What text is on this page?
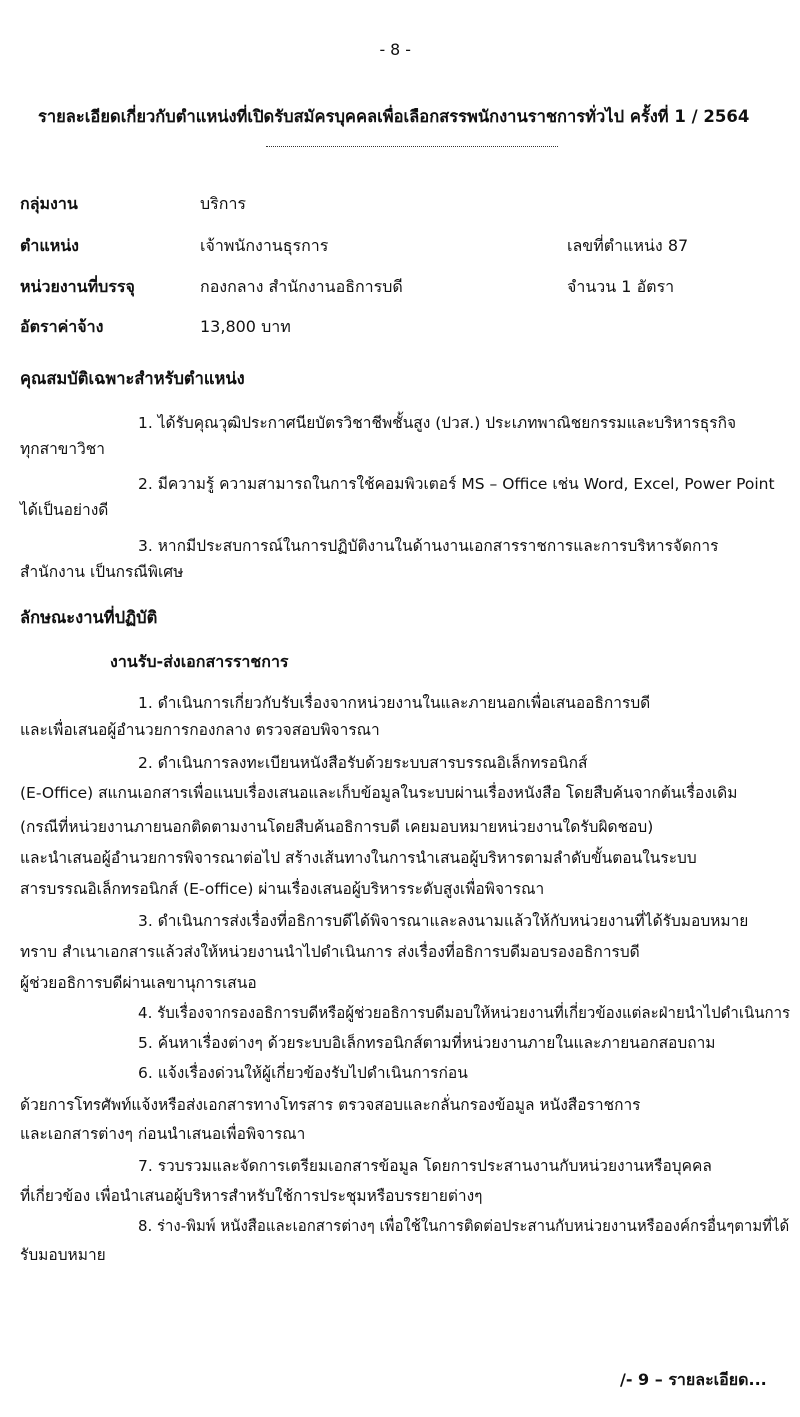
- 8 -
รายละเอียดเกี่ยวกับตำแหน่งที่เปิดรับสมัครบุคคลเพื่อเลือกสรรพนักงานราชการทั่วไป ครั้งที่ 1 / 2564
กลุ่มงาน	บริการ
ตำแหน่ง	เจ้าพนักงานธุรการ	เลขที่ตำแหน่ง 87
หน่วยงานที่บรรจุ	กองกลาง สำนักงานอธิการบดี	จำนวน 1 อัตรา
อัตราค่าจ้าง	13,800 บาท
คุณสมบัติเฉพาะสำหรับตำแหน่ง
1. ได้รับคุณวุฒิประกาศนียบัตรวิชาชีพชั้นสูง (ปวส.) ประเภทพาณิชยกรรมและบริหารธุรกิจ
ทุกสาขาวิชา
2. มีความรู้ ความสามารถในการใช้คอมพิวเตอร์ MS – Office เช่น Word, Excel, Power Point
ได้เป็นอย่างดี
3. หากมีประสบการณ์ในการปฏิบัติงานในด้านงานเอกสารราชการและการบริหารจัดการ
สำนักงาน เป็นกรณีพิเศษ
ลักษณะงานที่ปฏิบัติ
งานรับ-ส่งเอกสารราชการ
1. ดำเนินการเกี่ยวกับรับเรื่องจากหน่วยงานในและภายนอกเพื่อเสนออธิการบดี
และเพื่อเสนอผู้อำนวยการกองกลาง ตรวจสอบพิจารณา
2. ดำเนินการลงทะเบียนหนังสือรับด้วยระบบสารบรรณอิเล็กทรอนิกส์
(E-Office) สแกนเอกสารเพื่อแนบเรื่องเสนอและเก็บข้อมูลในระบบผ่านเรื่องหนังสือ โดยสืบค้นจากต้นเรื่องเดิม
(กรณีที่หน่วยงานภายนอกติดตามงานโดยสืบค้นอธิการบดี เคยมอบหมายหน่วยงานใดรับผิดชอบ)
และนำเสนอผู้อำนวยการพิจารณาต่อไป สร้างเส้นทางในการนำเสนอผู้บริหารตามลำดับขั้นตอนในระบบ
สารบรรณอิเล็กทรอนิกส์ (E-office) ผ่านเรื่องเสนอผู้บริหารระดับสูงเพื่อพิจารณา
3. ดำเนินการส่งเรื่องที่อธิการบดีได้พิจารณาและลงนามแล้วให้กับหน่วยงานที่ได้รับมอบหมาย
ทราบ สำเนาเอกสารแล้วส่งให้หน่วยงานนำไปดำเนินการ ส่งเรื่องที่อธิการบดีมอบรองอธิการบดี
ผู้ช่วยอธิการบดีผ่านเลขานุการเสนอ
4. รับเรื่องจากรองอธิการบดีหรือผู้ช่วยอธิการบดีมอบให้หน่วยงานที่เกี่ยวข้องแต่ละฝ่ายนำไปดำเนินการ
5. ค้นหาเรื่องต่างๆ ด้วยระบบอิเล็กทรอนิกส์ตามที่หน่วยงานภายในและภายนอกสอบถาม
6. แจ้งเรื่องด่วนให้ผู้เกี่ยวข้องรับไปดำเนินการก่อน
ด้วยการโทรศัพท์แจ้งหรือส่งเอกสารทางโทรสาร ตรวจสอบและกลั่นกรองข้อมูล หนังสือราชการ
และเอกสารต่างๆ ก่อนนำเสนอเพื่อพิจารณา
7. รวบรวมและจัดการเตรียมเอกสารข้อมูล โดยการประสานงานกับหน่วยงานหรือบุคคล
ที่เกี่ยวข้อง เพื่อนำเสนอผู้บริหารสำหรับใช้การประชุมหรือบรรยายต่างๆ
8. ร่าง-พิมพ์ หนังสือและเอกสารต่างๆ เพื่อใช้ในการติดต่อประสานกับหน่วยงานหรือองค์กรอื่นๆตามที่ได้
รับมอบหมาย
/- 9 – รายละเอียด...
